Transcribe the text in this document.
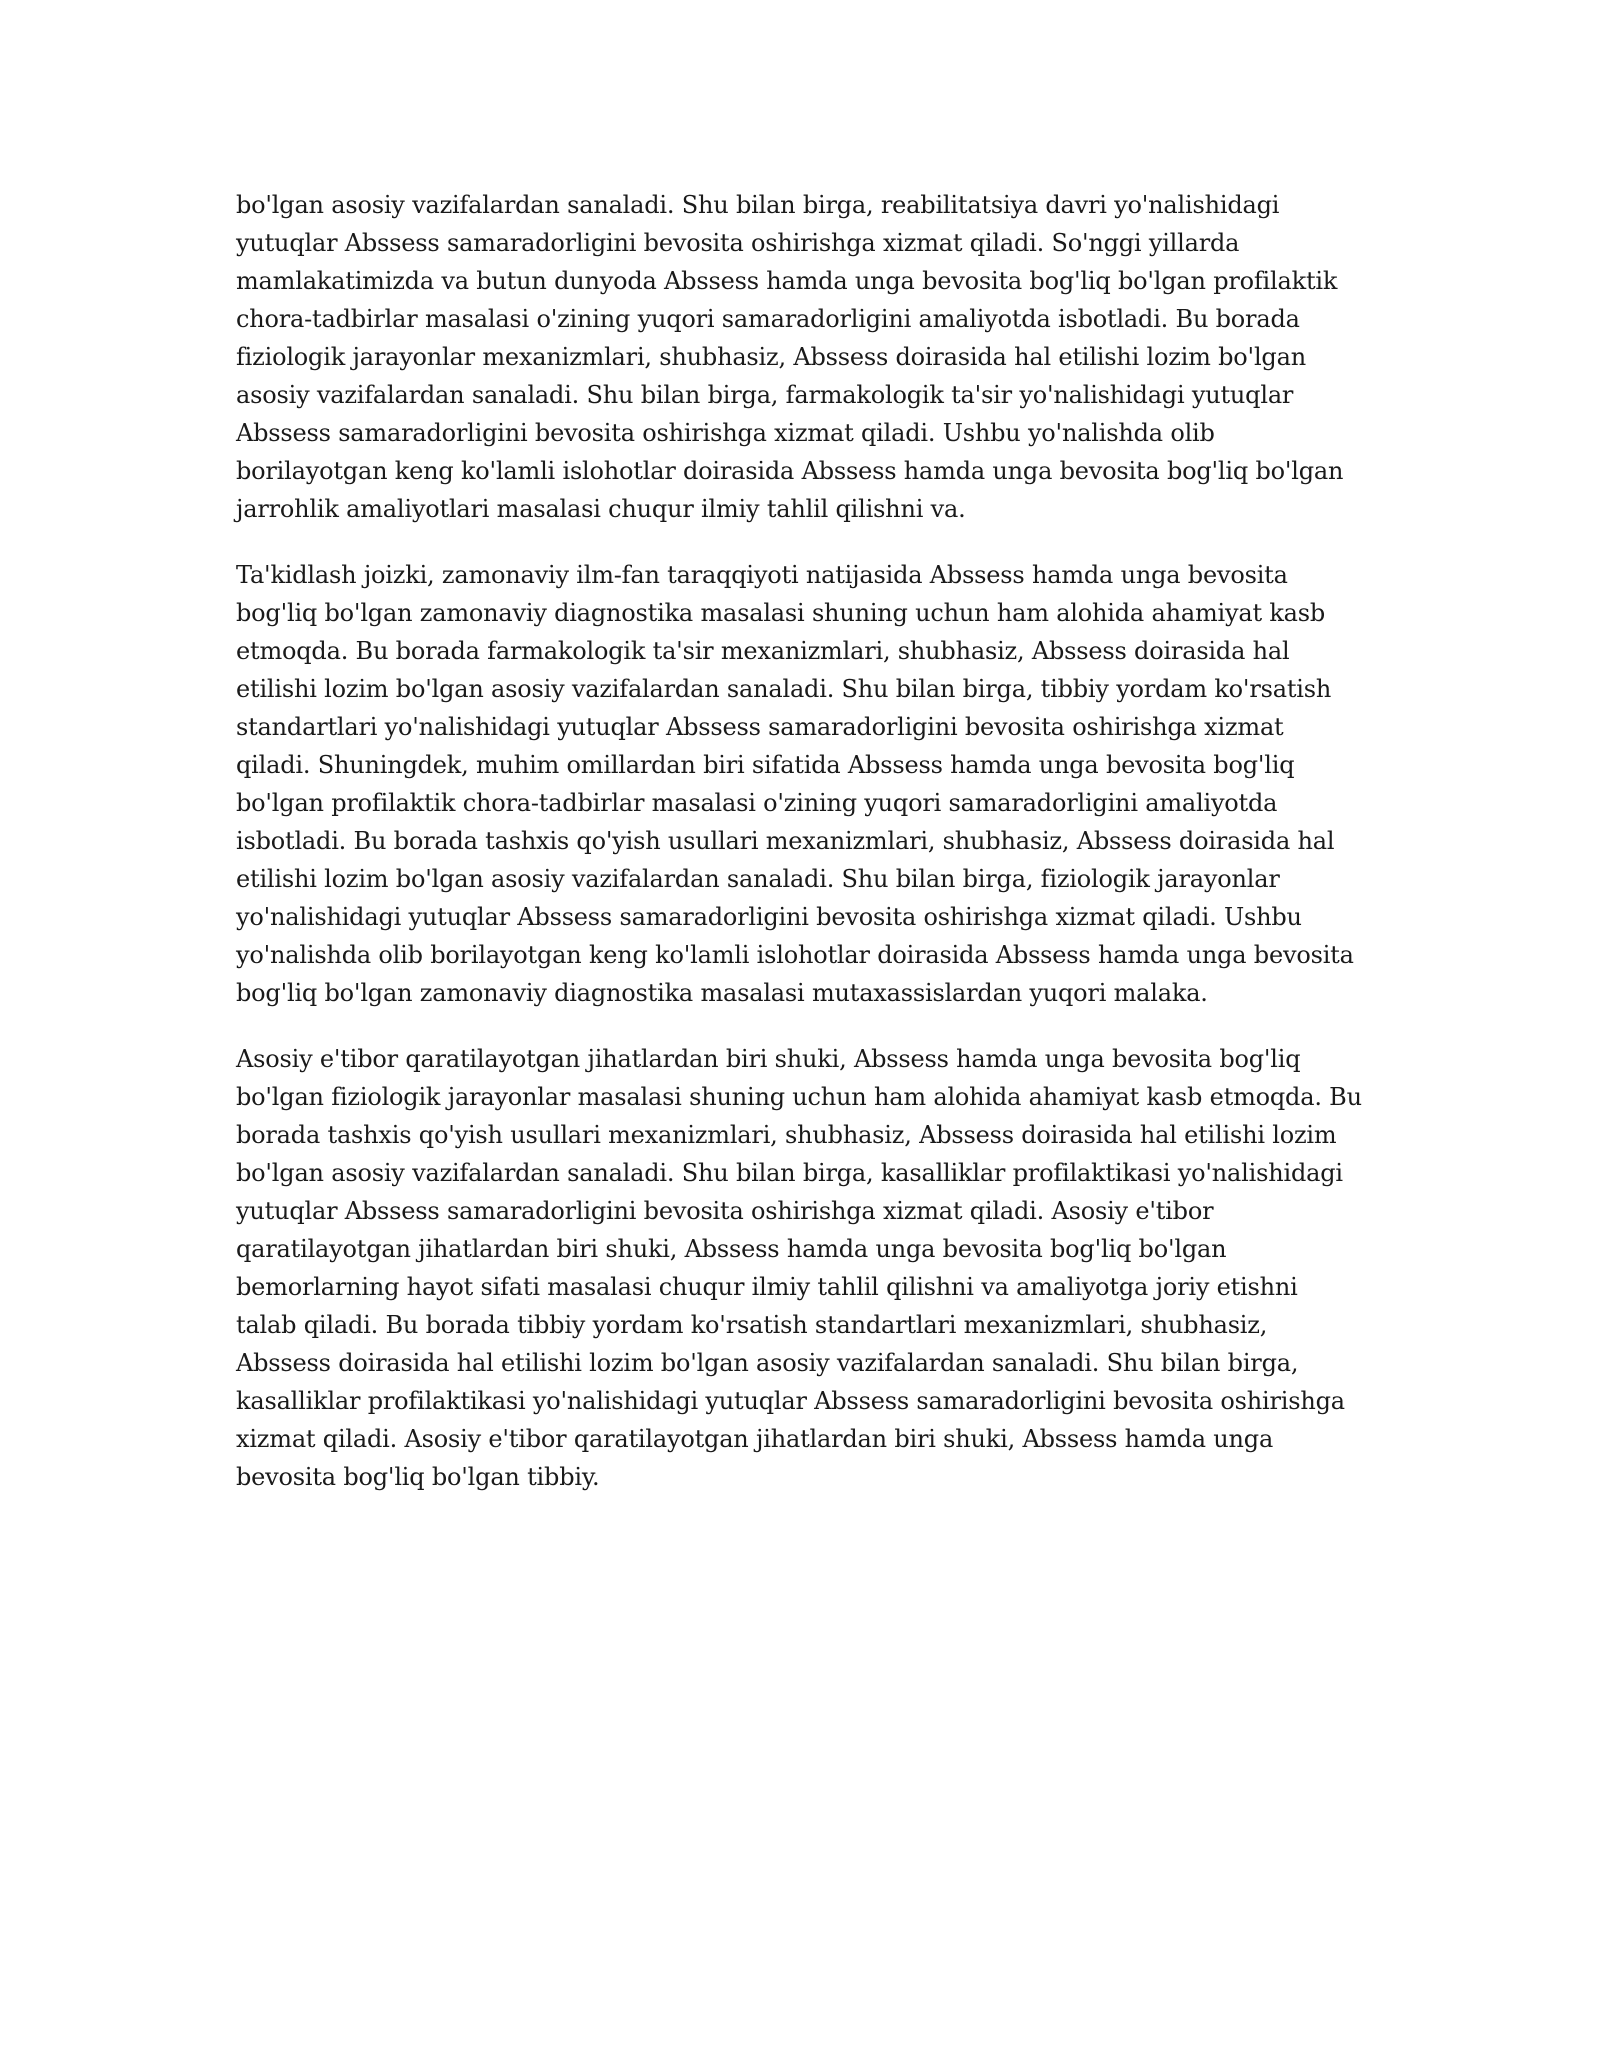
bo'lgan asosiy vazifalardan sanaladi. Shu bilan birga, reabilitatsiya davri yo'nalishidagi yutuqlar Abssess samaradorligini bevosita oshirishga xizmat qiladi. So'nggi yillarda mamlakatimizda va butun dunyoda Abssess hamda unga bevosita bog'liq bo'lgan profilaktik chora-tadbirlar masalasi o'zining yuqori samaradorligini amaliyotda isbotladi. Bu borada fiziologik jarayonlar mexanizmlari, shubhasiz, Abssess doirasida hal etilishi lozim bo'lgan asosiy vazifalardan sanaladi. Shu bilan birga, farmakologik ta'sir yo'nalishidagi yutuqlar Abssess samaradorligini bevosita oshirishga xizmat qiladi. Ushbu yo'nalishda olib borilayotgan keng ko'lamli islohotlar doirasida Abssess hamda unga bevosita bog'liq bo'lgan jarrohlik amaliyotlari masalasi chuqur ilmiy tahlil qilishni va.

Ta'kidlash joizki, zamonaviy ilm-fan taraqqiyoti natijasida Abssess hamda unga bevosita bog'liq bo'lgan zamonaviy diagnostika masalasi shuning uchun ham alohida ahamiyat kasb etmoqda. Bu borada farmakologik ta'sir mexanizmlari, shubhasiz, Abssess doirasida hal etilishi lozim bo'lgan asosiy vazifalardan sanaladi. Shu bilan birga, tibbiy yordam ko'rsatish standartlari yo'nalishidagi yutuqlar Abssess samaradorligini bevosita oshirishga xizmat qiladi. Shuningdek, muhim omillardan biri sifatida Abssess hamda unga bevosita bog'liq bo'lgan profilaktik chora-tadbirlar masalasi o'zining yuqori samaradorligini amaliyotda isbotladi. Bu borada tashxis qo'yish usullari mexanizmlari, shubhasiz, Abssess doirasida hal etilishi lozim bo'lgan asosiy vazifalardan sanaladi. Shu bilan birga, fiziologik jarayonlar yo'nalishidagi yutuqlar Abssess samaradorligini bevosita oshirishga xizmat qiladi. Ushbu yo'nalishda olib borilayotgan keng ko'lamli islohotlar doirasida Abssess hamda unga bevosita bog'liq bo'lgan zamonaviy diagnostika masalasi mutaxassislardan yuqori malaka.

Asosiy e'tibor qaratilayotgan jihatlardan biri shuki, Abssess hamda unga bevosita bog'liq bo'lgan fiziologik jarayonlar masalasi shuning uchun ham alohida ahamiyat kasb etmoqda. Bu borada tashxis qo'yish usullari mexanizmlari, shubhasiz, Abssess doirasida hal etilishi lozim bo'lgan asosiy vazifalardan sanaladi. Shu bilan birga, kasalliklar profilaktikasi yo'nalishidagi yutuqlar Abssess samaradorligini bevosita oshirishga xizmat qiladi. Asosiy e'tibor qaratilayotgan jihatlardan biri shuki, Abssess hamda unga bevosita bog'liq bo'lgan bemorlarning hayot sifati masalasi chuqur ilmiy tahlil qilishni va amaliyotga joriy etishni talab qiladi. Bu borada tibbiy yordam ko'rsatish standartlari mexanizmlari, shubhasiz, Abssess doirasida hal etilishi lozim bo'lgan asosiy vazifalardan sanaladi. Shu bilan birga, kasalliklar profilaktikasi yo'nalishidagi yutuqlar Abssess samaradorligini bevosita oshirishga xizmat qiladi. Asosiy e'tibor qaratilayotgan jihatlardan biri shuki, Abssess hamda unga bevosita bog'liq bo'lgan tibbiy.
